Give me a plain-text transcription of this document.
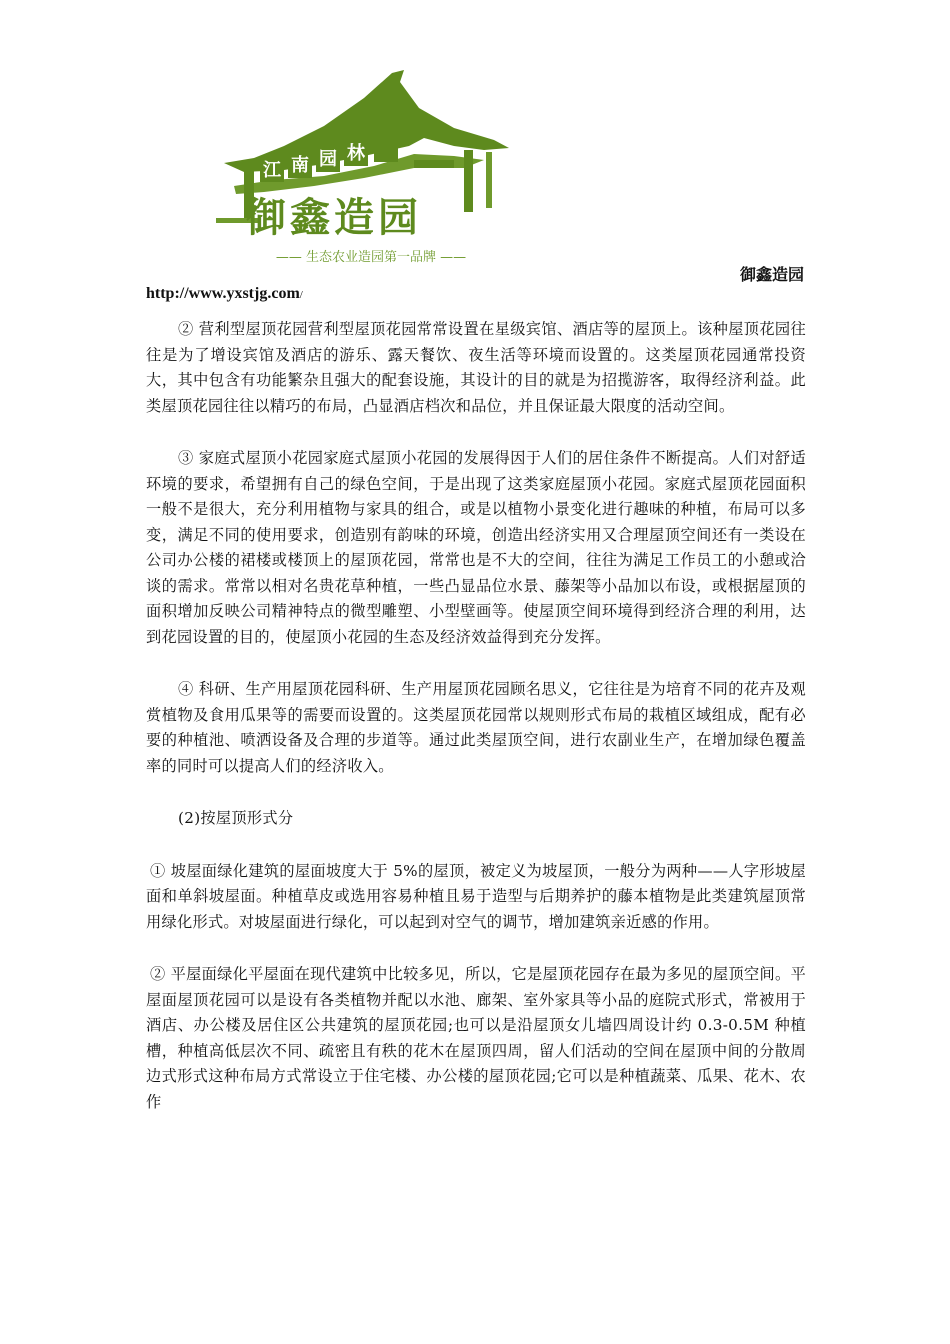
江 南 园 林
御鑫造园
—— 生态农业造园第一品牌 ——
御鑫造园
http://www.yxstjg.com/

② 营利型屋顶花园营利型屋顶花园常常设置在星级宾馆、酒店等的屋顶上。该种屋顶花园往往是为了增设宾馆及酒店的游乐、露天餐饮、夜生活等环境而设置的。这类屋顶花园通常投资大，其中包含有功能繁杂且强大的配套设施，其设计的目的就是为招揽游客，取得经济利益。此类屋顶花园往往以精巧的布局，凸显酒店档次和品位，并且保证最大限度的活动空间。

③ 家庭式屋顶小花园家庭式屋顶小花园的发展得因于人们的居住条件不断提高。人们对舒适环境的要求，希望拥有自己的绿色空间，于是出现了这类家庭屋顶小花园。家庭式屋顶花园面积一般不是很大，充分利用植物与家具的组合，或是以植物小景变化进行趣味的种植，布局可以多变，满足不同的使用要求，创造别有韵味的环境，创造出经济实用又合理屋顶空间还有一类设在公司办公楼的裙楼或楼顶上的屋顶花园，常常也是不大的空间，往往为满足工作员工的小憩或洽谈的需求。常常以相对名贵花草种植，一些凸显品位水景、藤架等小品加以布设，或根据屋顶的面积增加反映公司精神特点的微型雕塑、小型壁画等。使屋顶空间环境得到经济合理的利用，达到花园设置的目的，使屋顶小花园的生态及经济效益得到充分发挥。

④ 科研、生产用屋顶花园科研、生产用屋顶花园顾名思义，它往往是为培育不同的花卉及观赏植物及食用瓜果等的需要而设置的。这类屋顶花园常以规则形式布局的栽植区域组成，配有必要的种植池、喷洒设备及合理的步道等。通过此类屋顶空间，进行农副业生产，在增加绿色覆盖率的同时可以提高人们的经济收入。

(2)按屋顶形式分

① 坡屋面绿化建筑的屋面坡度大于 5%的屋顶，被定义为坡屋顶，一般分为两种——人字形坡屋面和单斜坡屋面。种植草皮或选用容易种植且易于造型与后期养护的藤本植物是此类建筑屋顶常用绿化形式。对坡屋面进行绿化，可以起到对空气的调节，增加建筑亲近感的作用。

② 平屋面绿化平屋面在现代建筑中比较多见，所以，它是屋顶花园存在最为多见的屋顶空间。平屋面屋顶花园可以是设有各类植物并配以水池、廊架、室外家具等小品的庭院式形式，常被用于酒店、办公楼及居住区公共建筑的屋顶花园;也可以是沿屋顶女儿墙四周设计约 0.3-0.5M 种植槽，种植高低层次不同、疏密且有秩的花木在屋顶四周，留人们活动的空间在屋顶中间的分散周边式形式这种布局方式常设立于住宅楼、办公楼的屋顶花园;它可以是种植蔬菜、瓜果、花木、农作
